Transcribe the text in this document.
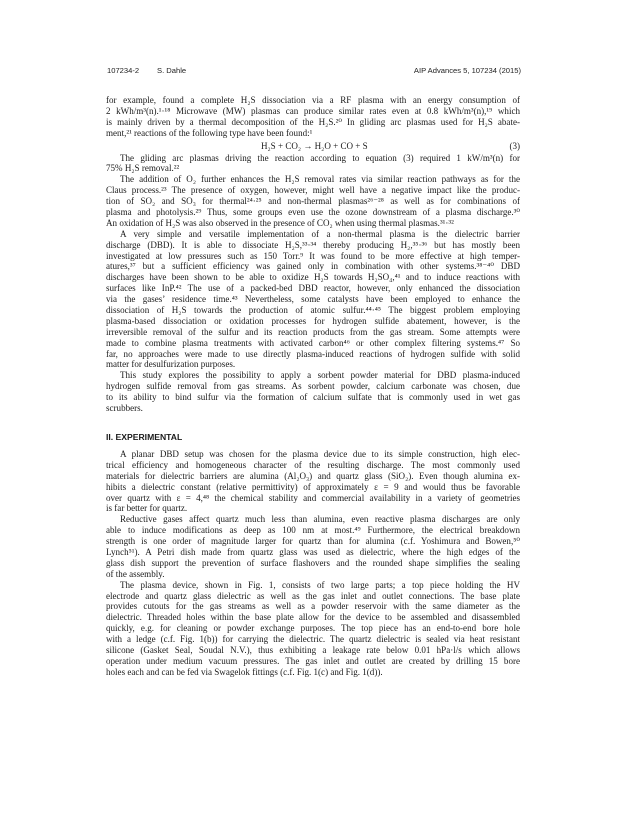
107234-2 S. Dahle	AIP Advances 5, 107234 (2015)
for example, found a complete H₂S dissociation via a RF plasma with an energy consumption of
2 kWh/m³(n).¹·¹⁸ Microwave (MW) plasmas can produce similar rates even at 0.8 kWh/m³(n),¹⁹ which
is mainly driven by a thermal decomposition of the H₂S.²⁰ In gliding arc plasmas used for H₂S abate-
ment,²¹ reactions of the following type have been found:¹
H₂S + CO₂ → H₂O + CO + S	(3)
The gliding arc plasmas driving the reaction according to equation (3) required 1 kW/m³(n) for
75% H₂S removal.²²
The addition of O₂ further enhances the H₂S removal rates via similar reaction pathways as for the
Claus process.²³ The presence of oxygen, however, might well have a negative impact like the produc-
tion of SO₂ and SO₃ for thermal²⁴·²⁵ and non-thermal plasmas²⁶⁻²⁸ as well as for combinations of
plasma and photolysis.²⁹ Thus, some groups even use the ozone downstream of a plasma discharge.³⁰
An oxidation of H₂S was also observed in the presence of CO₂ when using thermal plasmas.³¹·³²
A very simple and versatile implementation of a non-thermal plasma is the dielectric barrier
discharge (DBD). It is able to dissociate H₂S,³³·³⁴ thereby producing H₂,³⁵·³⁶ but has mostly been
investigated at low pressures such as 150 Torr.⁹ It was found to be more effective at high temper-
atures,³⁷ but a sufficient efficiency was gained only in combination with other systems.³⁸⁻⁴⁰ DBD
discharges have been shown to be able to oxidize H₂S towards H₂SO₄,⁴¹ and to induce reactions with
surfaces like InP.⁴² The use of a packed-bed DBD reactor, however, only enhanced the dissociation
via the gases’ residence time.⁴³ Nevertheless, some catalysts have been employed to enhance the
dissociation of H₂S towards the production of atomic sulfur.⁴⁴·⁴⁵ The biggest problem employing
plasma-based dissociation or oxidation processes for hydrogen sulfide abatement, however, is the
irreversible removal of the sulfur and its reaction products from the gas stream. Some attempts were
made to combine plasma treatments with activated carbon⁴⁶ or other complex filtering systems.⁴⁷ So
far, no approaches were made to use directly plasma-induced reactions of hydrogen sulfide with solid
matter for desulfurization purposes.
This study explores the possibility to apply a sorbent powder material for DBD plasma-induced
hydrogen sulfide removal from gas streams. As sorbent powder, calcium carbonate was chosen, due
to its ability to bind sulfur via the formation of calcium sulfate that is commonly used in wet gas
scrubbers.
II. EXPERIMENTAL
A planar DBD setup was chosen for the plasma device due to its simple construction, high elec-
trical efficiency and homogeneous character of the resulting discharge. The most commonly used
materials for dielectric barriers are alumina (Al₂O₃) and quartz glass (SiO₂). Even though alumina ex-
hibits a dielectric constant (relative permittivity) of approximately ε = 9 and would thus be favorable
over quartz with ε = 4,⁴⁸ the chemical stability and commercial availability in a variety of geometries
is far better for quartz.
Reductive gases affect quartz much less than alumina, even reactive plasma discharges are only
able to induce modifications as deep as 100 nm at most.⁴⁹ Furthermore, the electrical breakdown
strength is one order of magnitude larger for quartz than for alumina (c.f. Yoshimura and Bowen,⁵⁰
Lynch⁵¹). A Petri dish made from quartz glass was used as dielectric, where the high edges of the
glass dish support the prevention of surface flashovers and the rounded shape simplifies the sealing
of the assembly.
The plasma device, shown in Fig. 1, consists of two large parts; a top piece holding the HV
electrode and quartz glass dielectric as well as the gas inlet and outlet connections. The base plate
provides cutouts for the gas streams as well as a powder reservoir with the same diameter as the
dielectric. Threaded holes within the base plate allow for the device to be assembled and disassembled
quickly, e.g. for cleaning or powder exchange purposes. The top piece has an end-to-end bore hole
with a ledge (c.f. Fig. 1(b)) for carrying the dielectric. The quartz dielectric is sealed via heat resistant
silicone (Gasket Seal, Soudal N.V.), thus exhibiting a leakage rate below 0.01 hPa·l/s which allows
operation under medium vacuum pressures. The gas inlet and outlet are created by drilling 15 bore
holes each and can be fed via Swagelok fittings (c.f. Fig. 1(c) and Fig. 1(d)).
